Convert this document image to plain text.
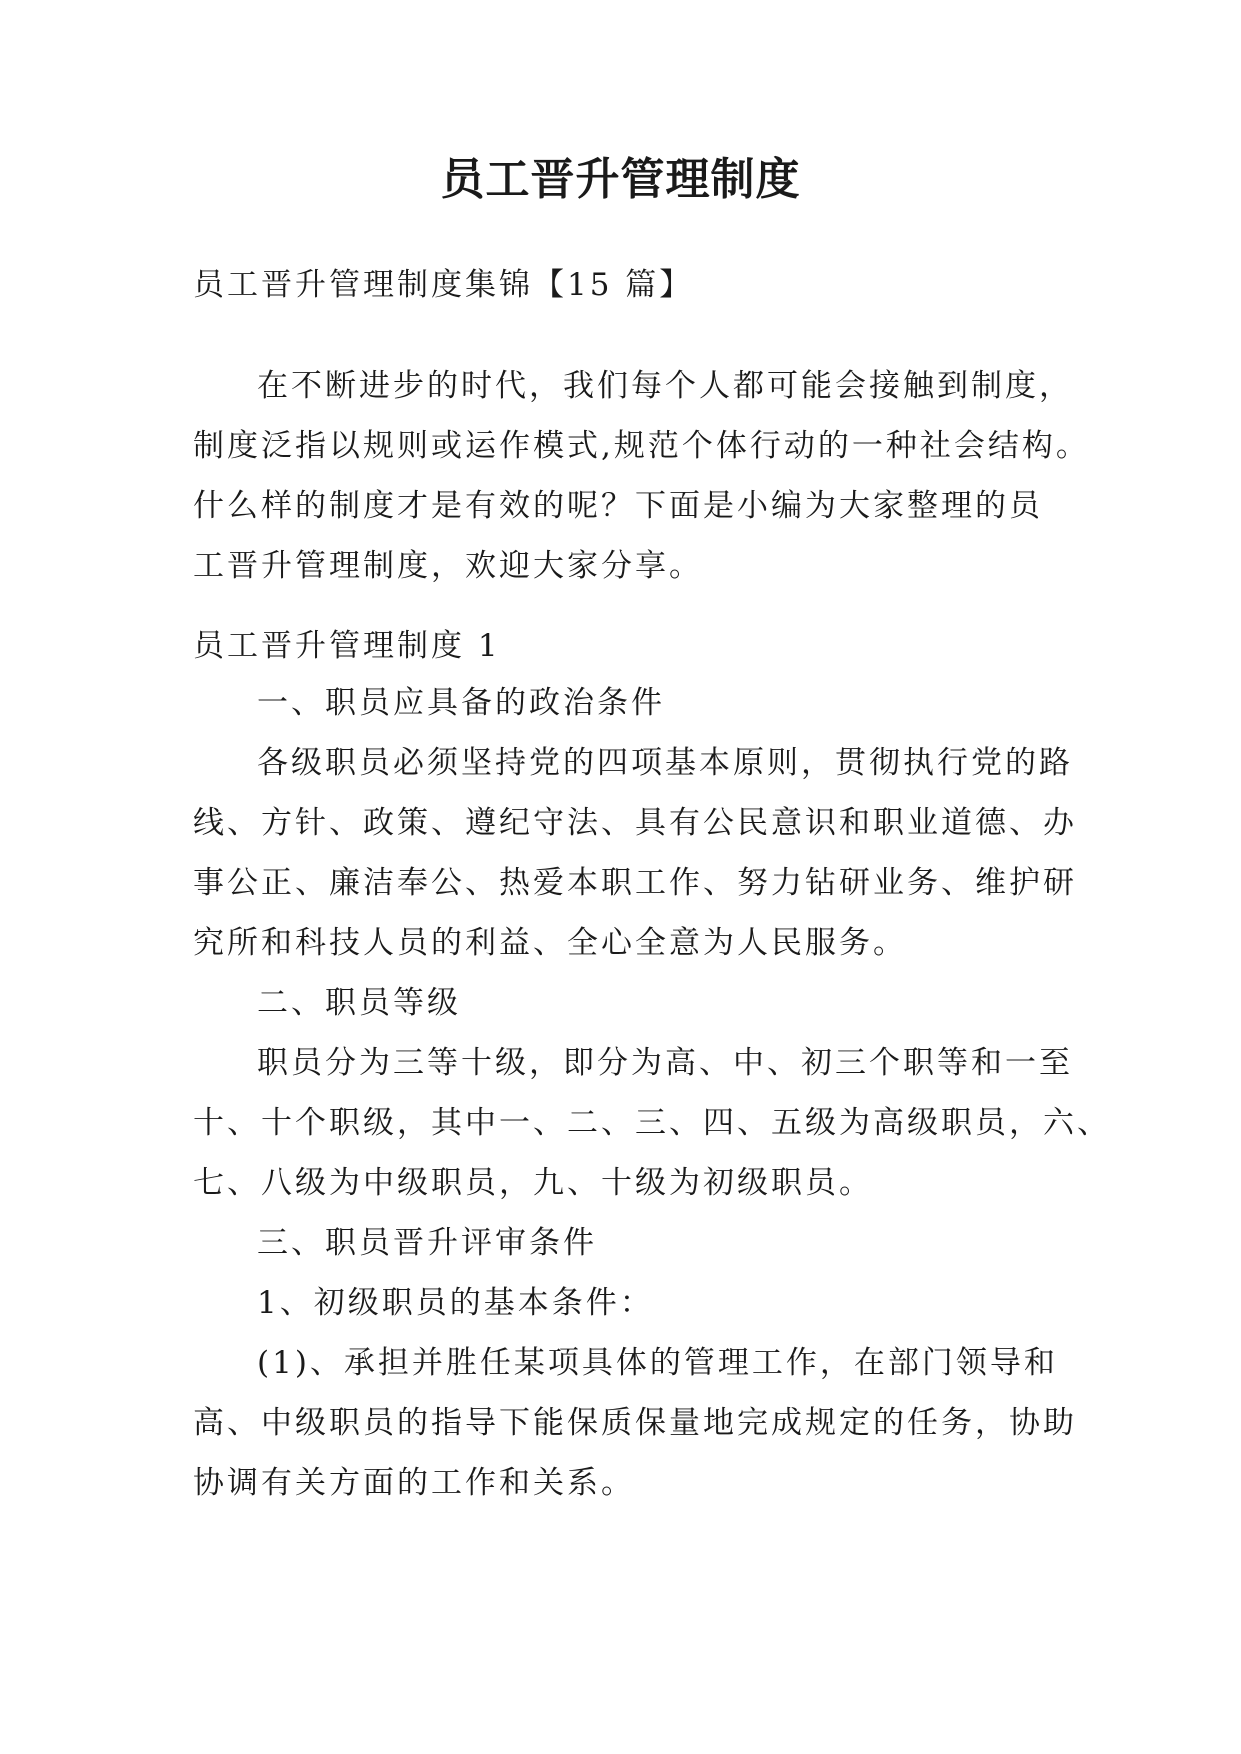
员工晋升管理制度
员工晋升管理制度集锦【15 篇】
在不断进步的时代，我们每个人都可能会接触到制度，
制度泛指以规则或运作模式,规范个体行动的一种社会结构。
什么样的制度才是有效的呢？下面是小编为大家整理的员
工晋升管理制度，欢迎大家分享。
员工晋升管理制度 1
一、职员应具备的政治条件
各级职员必须坚持党的四项基本原则，贯彻执行党的路
线、方针、政策、遵纪守法、具有公民意识和职业道德、办
事公正、廉洁奉公、热爱本职工作、努力钻研业务、维护研
究所和科技人员的利益、全心全意为人民服务。
二、职员等级
职员分为三等十级，即分为高、中、初三个职等和一至
十、十个职级，其中一、二、三、四、五级为高级职员，六、
七、八级为中级职员，九、十级为初级职员。
三、职员晋升评审条件
1、初级职员的基本条件：
(1)、承担并胜任某项具体的管理工作，在部门领导和
高、中级职员的指导下能保质保量地完成规定的任务，协助
协调有关方面的工作和关系。
